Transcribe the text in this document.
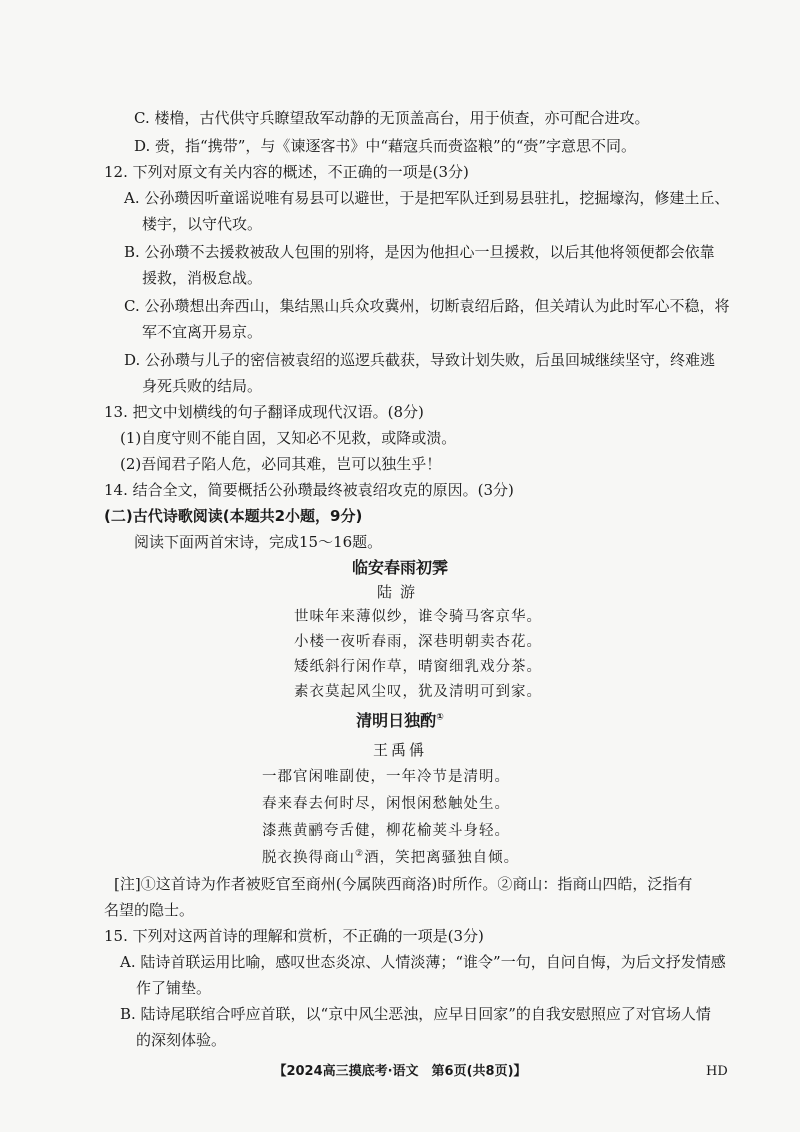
C. 楼橹，古代供守兵瞭望敌军动静的无顶盖高台，用于侦查，亦可配合进攻。
D. 赍，指“携带”，与《谏逐客书》中“藉寇兵而赍盗粮”的“赍”字意思不同。
12. 下列对原文有关内容的概述，不正确的一项是(3分)
A. 公孙瓒因听童谣说唯有易县可以避世，于是把军队迁到易县驻扎，挖掘壕沟，修建土丘、
楼宇，以守代攻。
B. 公孙瓒不去援救被敌人包围的别将，是因为他担心一旦援救，以后其他将领便都会依靠
援救，消极怠战。
C. 公孙瓒想出奔西山，集结黑山兵众攻冀州，切断袁绍后路，但关靖认为此时军心不稳，将
军不宜离开易京。
D. 公孙瓒与儿子的密信被袁绍的巡逻兵截获，导致计划失败，后虽回城继续坚守，终难逃
身死兵败的结局。
13. 把文中划横线的句子翻译成现代汉语。(8分)
(1)自度守则不能自固，又知必不见救，或降或溃。
(2)吾闻君子陷人危，必同其难，岂可以独生乎！
14. 结合全文，简要概括公孙瓒最终被袁绍攻克的原因。(3分)
(二)古代诗歌阅读(本题共2小题，9分)
阅读下面两首宋诗，完成15～16题。
临安春雨初霁
陆游
世味年来薄似纱，谁令骑马客京华。
小楼一夜听春雨，深巷明朝卖杏花。
矮纸斜行闲作草，晴窗细乳戏分茶。
素衣莫起风尘叹，犹及清明可到家。
清明日独酌①
王禹偁
一郡官闲唯副使，一年冷节是清明。
春来春去何时尽，闲恨闲愁触处生。
漆燕黄鹂夸舌健，柳花榆荚斗身轻。
脱衣换得商山②酒，笑把离骚独自倾。
[注]①这首诗为作者被贬官至商州(今属陕西商洛)时所作。②商山：指商山四皓，泛指有
名望的隐士。
15. 下列对这两首诗的理解和赏析，不正确的一项是(3分)
A. 陆诗首联运用比喻，感叹世态炎凉、人情淡薄；“谁令”一句，自问自悔，为后文抒发情感
作了铺垫。
B. 陆诗尾联绾合呼应首联，以“京中风尘恶浊，应早日回家”的自我安慰照应了对官场人情
的深刻体验。
【2024高三摸底考·语文　第6页(共8页)】	HD
